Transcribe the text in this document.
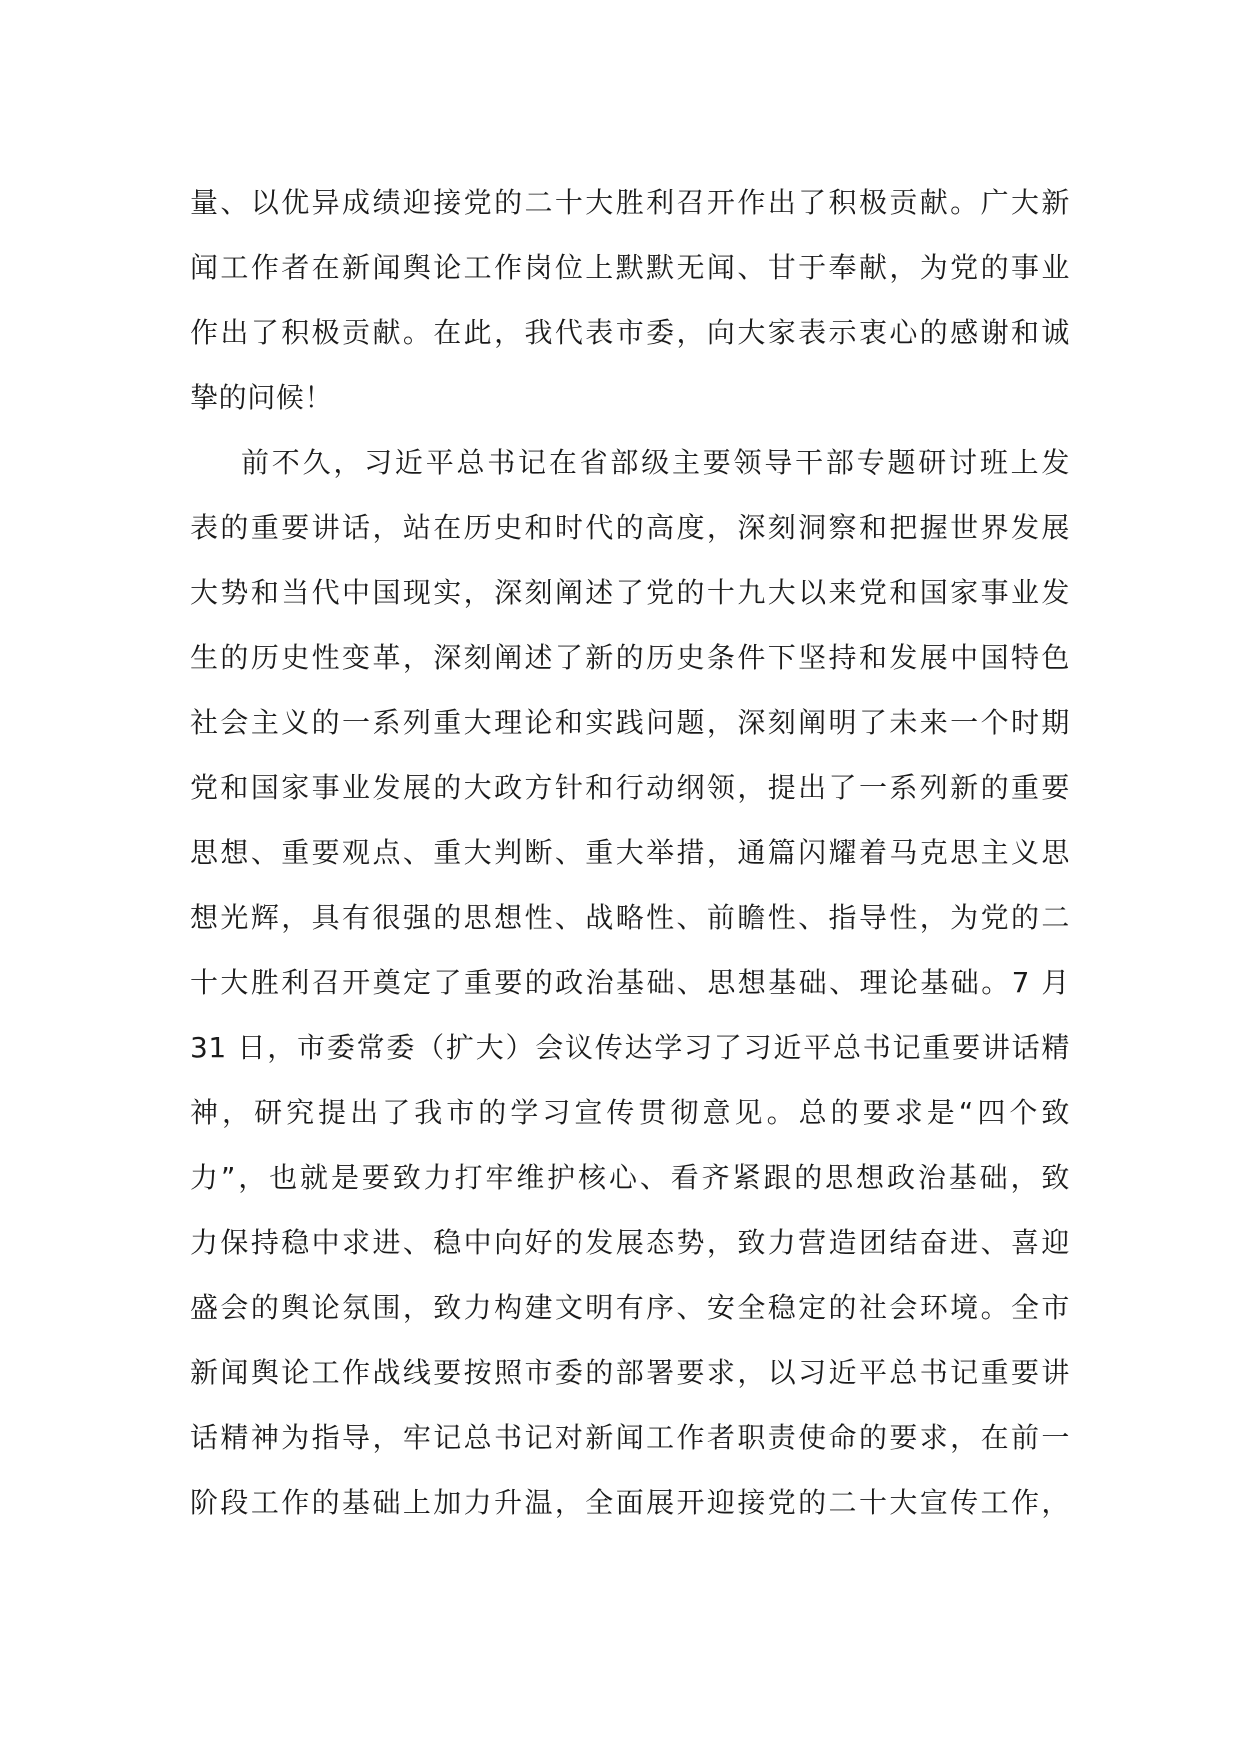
量、以优异成绩迎接党的二十大胜利召开作出了积极贡献。广大新
闻工作者在新闻舆论工作岗位上默默无闻、甘于奉献，为党的事业
作出了积极贡献。在此，我代表市委，向大家表示衷心的感谢和诚
挚的问候！
前不久，习近平总书记在省部级主要领导干部专题研讨班上发
表的重要讲话，站在历史和时代的高度，深刻洞察和把握世界发展
大势和当代中国现实，深刻阐述了党的十九大以来党和国家事业发
生的历史性变革，深刻阐述了新的历史条件下坚持和发展中国特色
社会主义的一系列重大理论和实践问题，深刻阐明了未来一个时期
党和国家事业发展的大政方针和行动纲领，提出了一系列新的重要
思想、重要观点、重大判断、重大举措，通篇闪耀着马克思主义思
想光辉，具有很强的思想性、战略性、前瞻性、指导性，为党的二
十大胜利召开奠定了重要的政治基础、思想基础、理论基础。7 月
31 日，市委常委（扩大）会议传达学习了习近平总书记重要讲话精
神，研究提出了我市的学习宣传贯彻意见。总的要求是“四个致
力”，也就是要致力打牢维护核心、看齐紧跟的思想政治基础，致
力保持稳中求进、稳中向好的发展态势，致力营造团结奋进、喜迎
盛会的舆论氛围，致力构建文明有序、安全稳定的社会环境。全市
新闻舆论工作战线要按照市委的部署要求，以习近平总书记重要讲
话精神为指导，牢记总书记对新闻工作者职责使命的要求，在前一
阶段工作的基础上加力升温，全面展开迎接党的二十大宣传工作，
